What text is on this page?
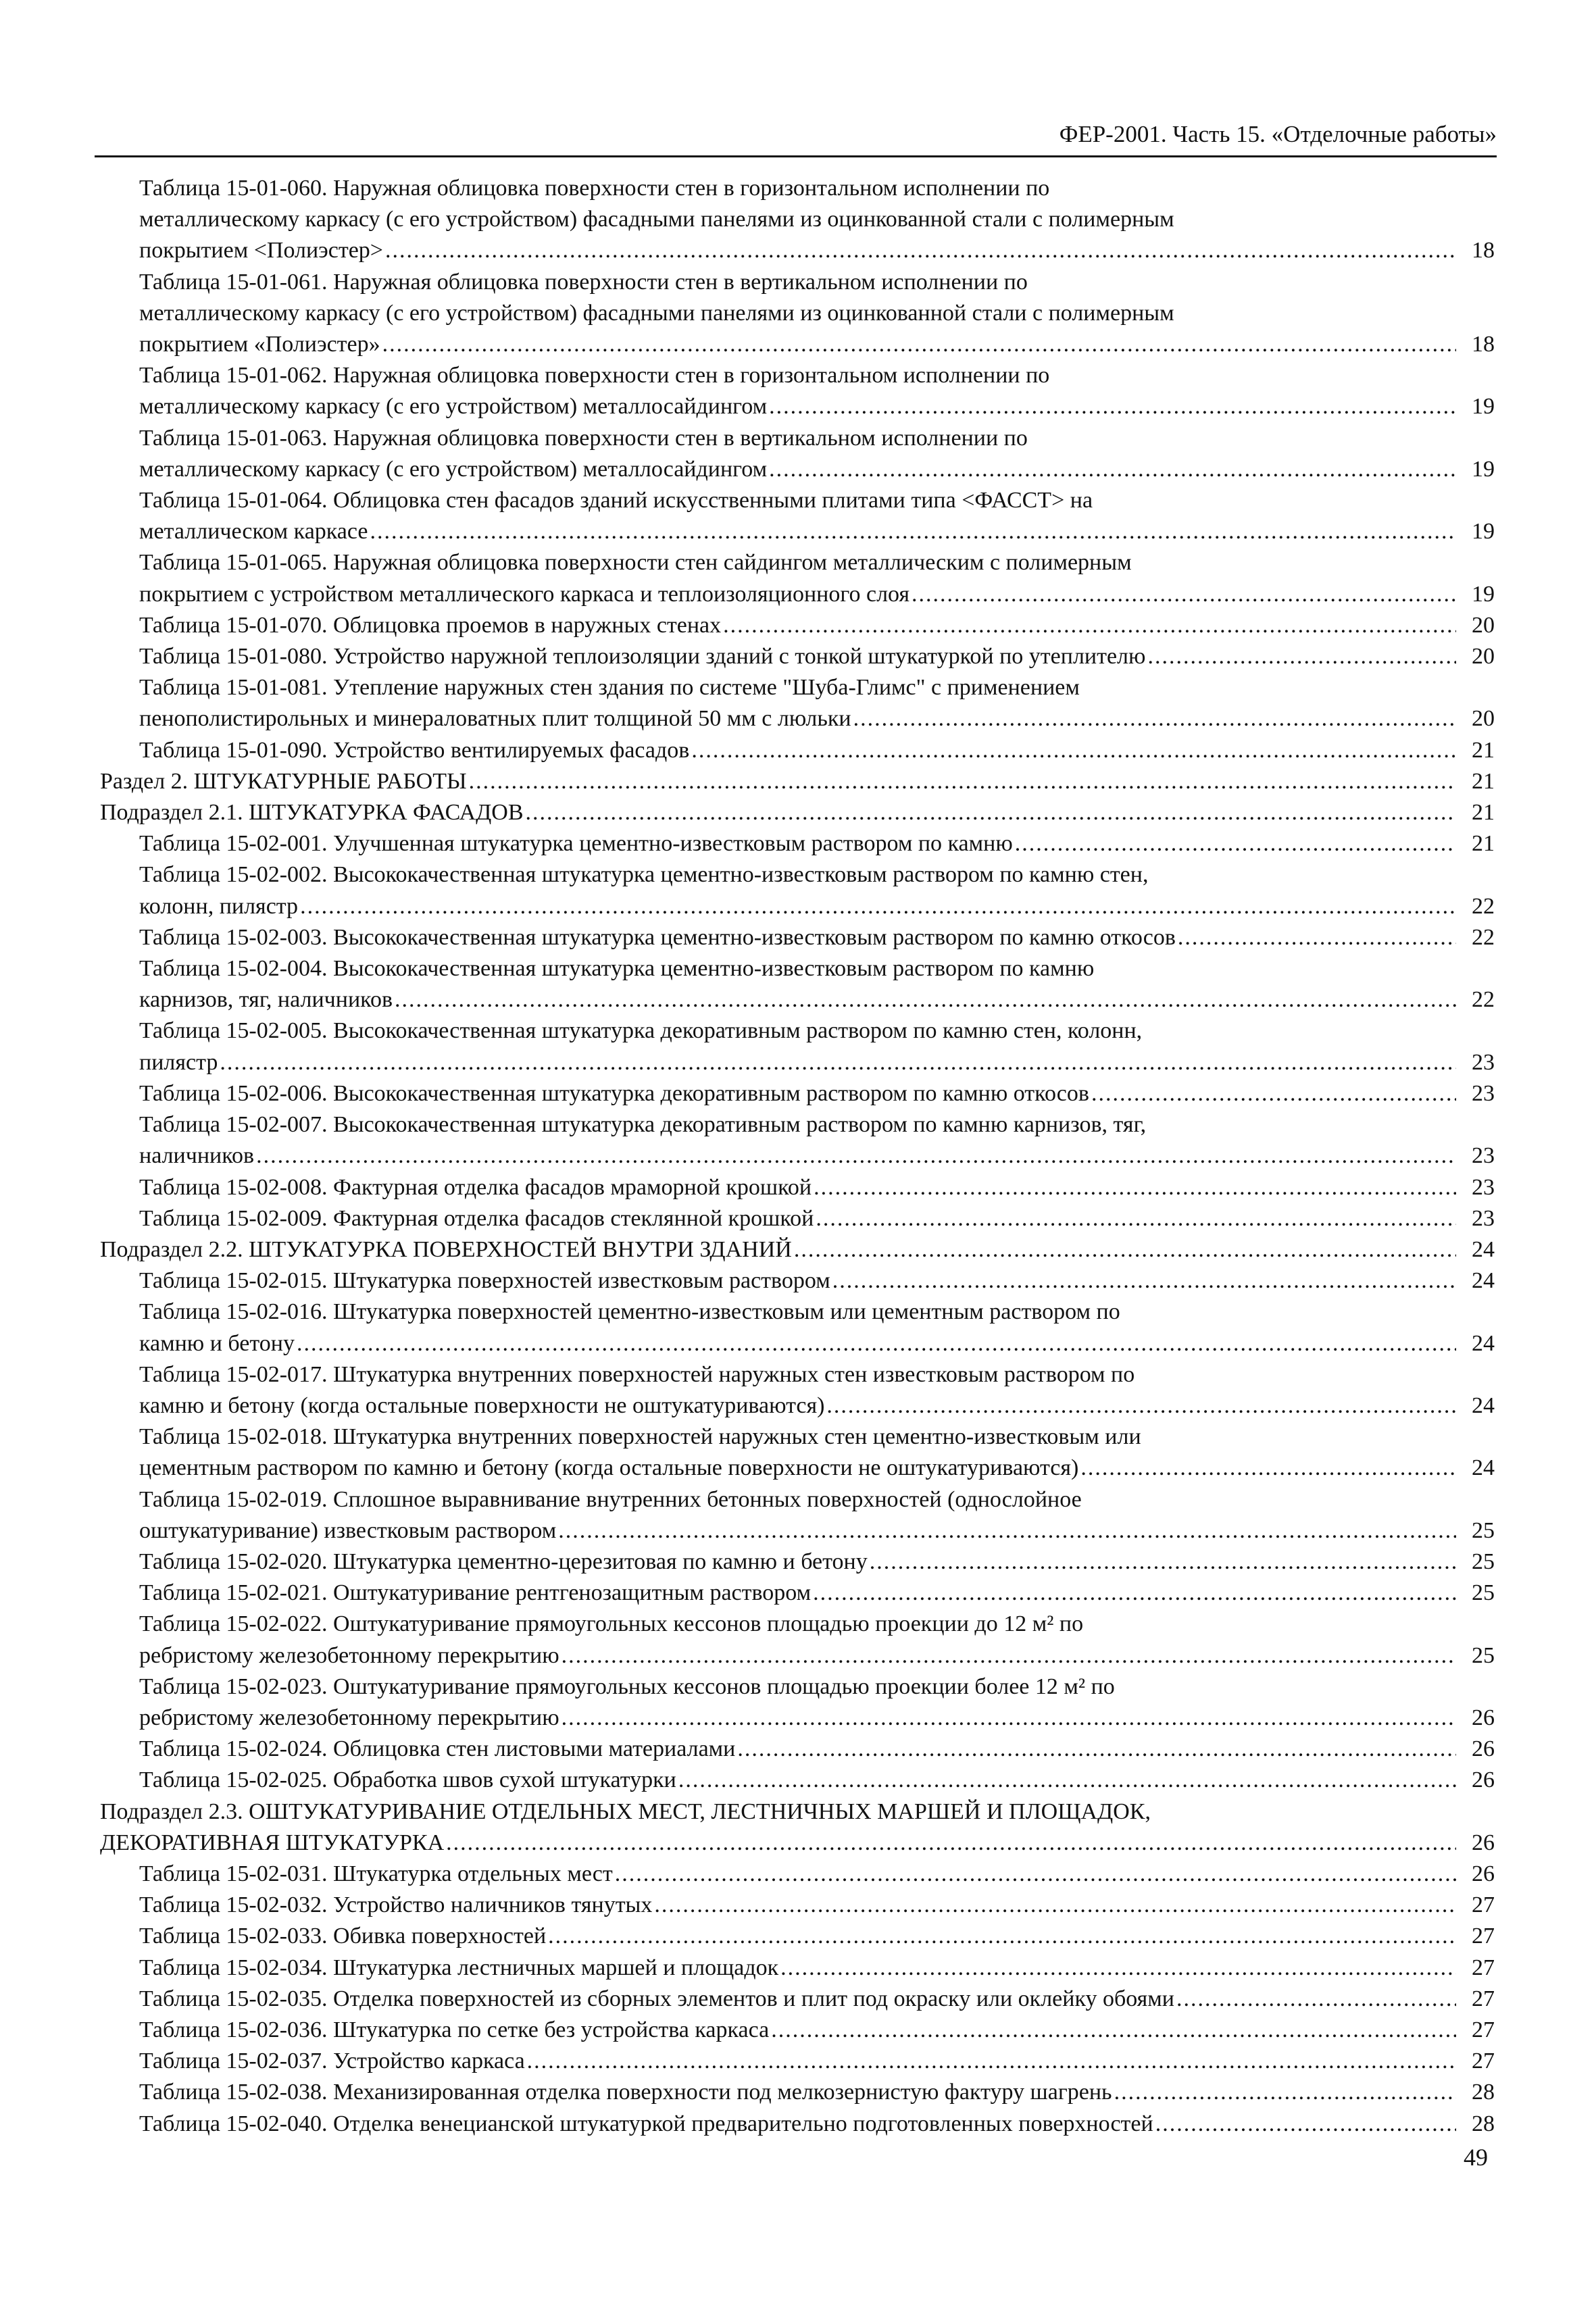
ФЕР-2001. Часть 15. «Отделочные работы»
Таблица 15-01-060. Наружная облицовка поверхности стен в горизонтальном исполнении по
металлическому каркасу (с его устройством) фасадными панелями из оцинкованной стали с полимерным
покрытием <Полиэстер> .....	18
Таблица 15-01-061. Наружная облицовка поверхности стен в вертикальном исполнении по
металлическому каркасу (с его устройством) фасадными панелями из оцинкованной стали с полимерным
покрытием «Полиэстер» .....	18
Таблица 15-01-062. Наружная облицовка поверхности стен в горизонтальном исполнении по
металлическому каркасу (с его устройством) металлосайдингом .....	19
Таблица 15-01-063. Наружная облицовка поверхности стен в вертикальном исполнении по
металлическому каркасу (с его устройством) металлосайдингом .....	19
Таблица 15-01-064. Облицовка стен фасадов зданий искусственными плитами типа <ФАССТ> на
металлическом каркасе .....	19
Таблица 15-01-065. Наружная облицовка поверхности стен сайдингом металлическим с полимерным
покрытием с устройством металлического каркаса и теплоизоляционного слоя .....	19
Таблица 15-01-070. Облицовка проемов в наружных стенах .....	20
Таблица 15-01-080. Устройство наружной теплоизоляции зданий с тонкой штукатуркой по утеплителю .....	20
Таблица 15-01-081. Утепление наружных стен здания по системе "Шуба-Глимс" с применением
пенополистирольных и минераловатных плит толщиной 50 мм с люльки .....	20
Таблица 15-01-090. Устройство вентилируемых фасадов .....	21
Раздел 2. ШТУКАТУРНЫЕ РАБОТЫ .....	21
Подраздел 2.1. ШТУКАТУРКА ФАСАДОВ .....	21
Таблица 15-02-001. Улучшенная штукатурка цементно-известковым раствором по камню .....	21
Таблица 15-02-002. Высококачественная штукатурка цементно-известковым раствором по камню стен,
колонн, пилястр .....	22
Таблица 15-02-003. Высококачественная штукатурка цементно-известковым раствором по камню откосов .....	22
Таблица 15-02-004. Высококачественная штукатурка цементно-известковым раствором по камню
карнизов, тяг, наличников .....	22
Таблица 15-02-005. Высококачественная штукатурка декоративным раствором по камню стен, колонн,
пилястр .....	23
Таблица 15-02-006. Высококачественная штукатурка декоративным раствором по камню откосов .....	23
Таблица 15-02-007. Высококачественная штукатурка декоративным раствором по камню карнизов, тяг,
наличников .....	23
Таблица 15-02-008. Фактурная отделка фасадов мраморной крошкой .....	23
Таблица 15-02-009. Фактурная отделка фасадов стеклянной крошкой .....	23
Подраздел 2.2. ШТУКАТУРКА ПОВЕРХНОСТЕЙ ВНУТРИ ЗДАНИЙ .....	24
Таблица 15-02-015. Штукатурка поверхностей известковым раствором .....	24
Таблица 15-02-016. Штукатурка поверхностей цементно-известковым или цементным раствором по
камню и бетону .....	24
Таблица 15-02-017. Штукатурка внутренних поверхностей наружных стен известковым раствором по
камню и бетону (когда остальные поверхности не оштукатуриваются) .....	24
Таблица 15-02-018. Штукатурка внутренних поверхностей наружных стен цементно-известковым или
цементным раствором по камню и бетону (когда остальные поверхности не оштукатуриваются) .....	24
Таблица 15-02-019. Сплошное выравнивание внутренних бетонных поверхностей (однослойное
оштукатуривание) известковым раствором .....	25
Таблица 15-02-020. Штукатурка цементно-церезитовая по камню и бетону .....	25
Таблица 15-02-021. Оштукатуривание рентгенозащитным раствором .....	25
Таблица 15-02-022. Оштукатуривание прямоугольных кессонов площадью проекции до 12 м² по
ребристому железобетонному перекрытию .....	25
Таблица 15-02-023. Оштукатуривание прямоугольных кессонов площадью проекции более 12 м² по
ребристому железобетонному перекрытию .....	26
Таблица 15-02-024. Облицовка стен листовыми материалами .....	26
Таблица 15-02-025. Обработка швов сухой штукатурки .....	26
Подраздел 2.3. ОШТУКАТУРИВАНИЕ ОТДЕЛЬНЫХ МЕСТ, ЛЕСТНИЧНЫХ МАРШЕЙ И ПЛОЩАДОК,
ДЕКОРАТИВНАЯ ШТУКАТУРКА .....	26
Таблица 15-02-031. Штукатурка отдельных мест .....	26
Таблица 15-02-032. Устройство наличников тянутых .....	27
Таблица 15-02-033. Обивка поверхностей .....	27
Таблица 15-02-034. Штукатурка лестничных маршей и площадок .....	27
Таблица 15-02-035. Отделка поверхностей из сборных элементов и плит под окраску или оклейку обоями .....	27
Таблица 15-02-036. Штукатурка по сетке без устройства каркаса .....	27
Таблица 15-02-037. Устройство каркаса .....	27
Таблица 15-02-038. Механизированная отделка поверхности под мелкозернистую фактуру шагрень .....	28
Таблица 15-02-040. Отделка венецианской штукатуркой предварительно подготовленных поверхностей .....	28
49
